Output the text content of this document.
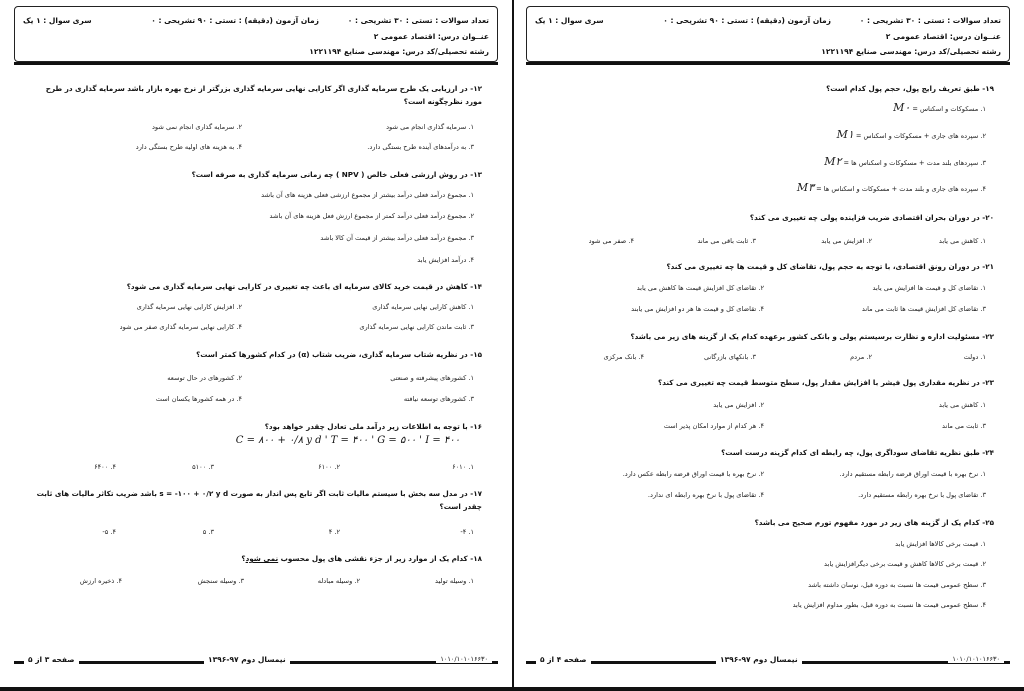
تعداد سوالات : تستی : ۳۰ تشریحی : ۰
زمان آزمون (دقیقه) : تستی : ۹۰ تشریحی : ۰
سری سوال : ۱ یک
عنــوان درس: اقتصاد عمومی ۲
رشته تحصیلی/کد درس: مهندسی صنایع ۱۲۲۱۱۹۴
۱۲- در ارزیابی یک طرح سرمایه گذاری اگر کارایی نهایی سرمایه گذاری بزرگتر از نرخ بهره بازار باشد سرمایه گذاری در طرح مورد نظرچگونه است؟
۱. سرمایه گذاری انجام می شود
۲. سرمایه گذاری انجام نمی شود
۳. به درآمدهای آینده طرح بستگی دارد.
۴. به هزینه های اولیه طرح بستگی دارد
۱۳- در روش ارزشی فعلی خالص ( NPV ) چه زمانی سرمایه گذاری به صرفه است؟
۱. مجموع درآمد فعلی درآمد بیشتر از مجموع ارزشی فعلی هزینه های آن باشد
۲. مجموع درآمد فعلی درآمد کمتر از مجموع ارزش فعل هزینه های آن باشد
۳. مجموع درآمد فعلی درآمد بیشتر از قیمت آن کالا باشد
۴. درآمد افزایش یابد
۱۴- کاهش در قیمت خرید کالای سرمایه ای باعث چه تغییری در کارایی نهایی سرمایه گذاری می شود؟
۱. کاهش کارایی نهایی سرمایه گذاری
۲. افزایش کارایی نهایی سرمایه گذاری
۳. ثابت ماندن کارایی نهایی سرمایه گذاری
۴. کارایی نهایی سرمایه گذاری صفر می شود
۱۵- در نظریه شتاب سرمایه گذاری، ضریب شتاب (α) در کدام کشورها کمتر است؟
۱. کشورهای پیشرفته و صنعتی
۲. کشورهای در حال توسعه
۳. کشورهای توسعه نیافته
۴. در همه کشورها یکسان است
۱۶- با توجه به اطلاعات زیر درآمد ملی تعادل چقدر خواهد بود؟
C = ۸۰۰ + ۰/۸ y d ' T = ۴۰۰ ' G = ۵۰۰ ' I = ۴۰۰
۱. ۶۰۱۰
۲. ۶۱۰۰
۳. ۵۱۰۰
۴. ۶۴۰۰
۱۷- در مدل سه بخش با سیستم مالیات ثابت اگر تابع پس انداز به صورت s = -۱۰۰ + ۰/۲ y d باشد ضریب تکاثر مالیات های ثابت چقدر است؟
۱. ۴-
۲. ۴
۳. ۵
۴. ۵-
۱۸- کدام یک از موارد زیر از جزء نقشی های پول محسوب نمی شود؟
۱. وسیله تولید
۲. وسیله مبادله
۳. وسیله سنجش
۴. ذخیره ارزش
صفحه ۳ از ۵	نیمسال دوم ۹۷-۱۳۹۶	۱۰۱۰/۱۰۱۰۱۶۶۳۰
تعداد سوالات : تستی : ۳۰ تشریحی : ۰
زمان آزمون (دقیقه) : تستی : ۹۰ تشریحی : ۰
سری سوال : ۱ یک
عنــوان درس: اقتصاد عمومی ۲
رشته تحصیلی/کد درس: مهندسی صنایع ۱۲۲۱۱۹۴
۱۹- طبق تعریف رایج پول، حجم پول کدام است؟
۱. مسکوکات و اسکناس = M۰
۲. سپرده های جاری + مسکوکات و اسکناس = M۱
۳. سپردهای بلند مدت + مسکوکات و اسکناس ها = M۲
۴. سپرده های جاری و بلند مدت + مسکوکات و اسکناس ها = M۳
۲۰- در دوران بحران اقتصادی ضریب فزاینده پولی چه تغییری می کند؟
۱. کاهش می یابد
۲. افزایش می یابد
۳. ثابت باقی می ماند
۴. صفر می شود
۲۱- در دوران رونق اقتصادی، با توجه به حجم پول، تقاضای کل و قیمت ها چه تغییری می کند؟
۱. تقاضای کل و قیمت ها افزایش می یابد
۲. تقاضای کل افزایش قیمت ها کاهش می یابد
۳. تقاضای کل افزایش قیمت ها ثابت می ماند
۴. تقاضای کل و قیمت ها هر دو افزایش می یابند
۲۲- مسئولیت اداره و نظارت برسیستم پولی و بانکی کشور برعهده کدام یک از گزینه های زیر می باشد؟
۱. دولت
۲. مردم
۳. بانکهای بازرگانی
۴. بانک مرکزی
۲۳- در نظریه مقداری پول فیشر با افزایش مقدار پول، سطح متوسط قیمت چه تغییری می کند؟
۱. کاهش می یابد
۲. افزایش می یابد
۳. ثابت می ماند
۴. هر کدام از موارد امکان پذیر است
۲۴- طبق نظریه تقاضای سوداگری پول، چه رابطه ای کدام گزینه درست است؟
۱. نرخ بهره با قیمت اوراق قرضه رابطه مستقیم دارد.
۲. نرخ بهره با قیمت اوراق قرضه رابطه عکس دارد.
۳. تقاضای پول با نرخ بهره رابطه مستقیم دارد.
۴. تقاضای پول با نرخ بهره رابطه ای ندارد.
۲۵- کدام یک از گزینه های زیر در مورد مفهوم تورم صحیح می باشد؟
۱. قیمت برخی کالاها افزایش یابد
۲. قیمت برخی کالاها کاهش و قیمت برخی دیگرافزایش یابد
۳. سطح عمومی قیمت ها نسبت به دوره قبل، نوسان داشته باشد
۴. سطح عمومی قیمت ها نسبت به دوره قبل، بطور مداوم افزایش یابد
صفحه ۴ از ۵	نیمسال دوم ۹۷-۱۳۹۶	۱۰۱۰/۱۰۱۰۱۶۶۳۰
